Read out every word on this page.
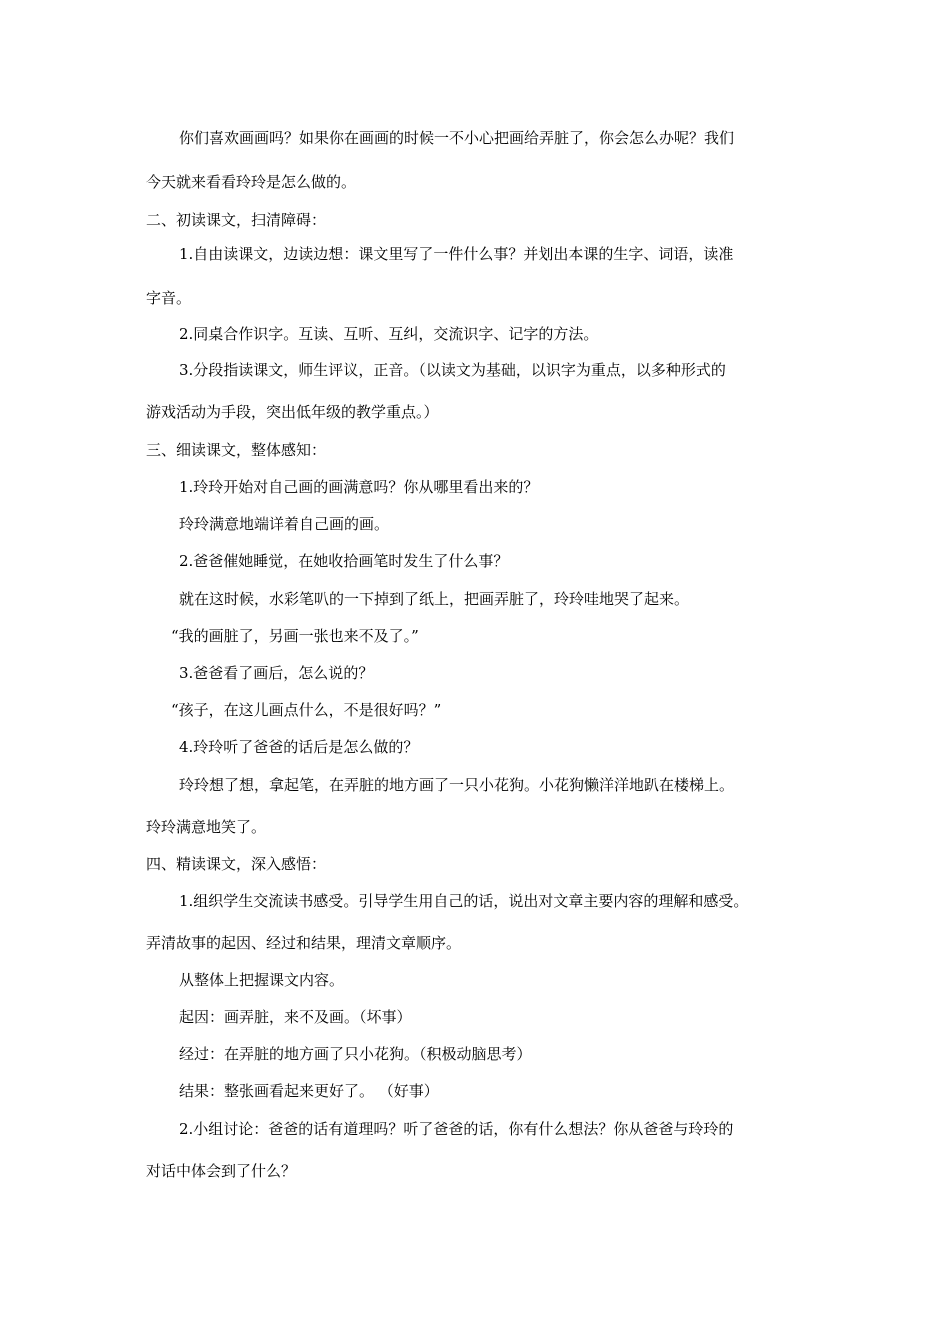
你们喜欢画画吗？如果你在画画的时候一不小心把画给弄脏了，你会怎么办呢？我们
今天就来看看玲玲是怎么做的。
二、初读课文，扫清障碍：
1.自由读课文，边读边想：课文里写了一件什么事？并划出本课的生字、词语，读准
字音。
2.同桌合作识字。互读、互听、互纠，交流识字、记字的方法。
3.分段指读课文，师生评议，正音。（以读文为基础，以识字为重点，以多种形式的
游戏活动为手段，突出低年级的教学重点。）
三、细读课文，整体感知：
1.玲玲开始对自己画的画满意吗？你从哪里看出来的？
玲玲满意地端详着自己画的画。
2.爸爸催她睡觉，在她收拾画笔时发生了什么事？
就在这时候，水彩笔叭的一下掉到了纸上，把画弄脏了，玲玲哇地哭了起来。
“我的画脏了，另画一张也来不及了。”
3.爸爸看了画后，怎么说的？
“孩子，在这儿画点什么，不是很好吗？”
4.玲玲听了爸爸的话后是怎么做的？
玲玲想了想，拿起笔，在弄脏的地方画了一只小花狗。小花狗懒洋洋地趴在楼梯上。
玲玲满意地笑了。
四、精读课文，深入感悟：
1.组织学生交流读书感受。引导学生用自己的话，说出对文章主要内容的理解和感受。
弄清故事的起因、经过和结果，理清文章顺序。
从整体上把握课文内容。
起因：画弄脏，来不及画。（坏事）
经过：在弄脏的地方画了只小花狗。（积极动脑思考）
结果：整张画看起来更好了。 （好事）
2.小组讨论：爸爸的话有道理吗？听了爸爸的话，你有什么想法？你从爸爸与玲玲的
对话中体会到了什么？
